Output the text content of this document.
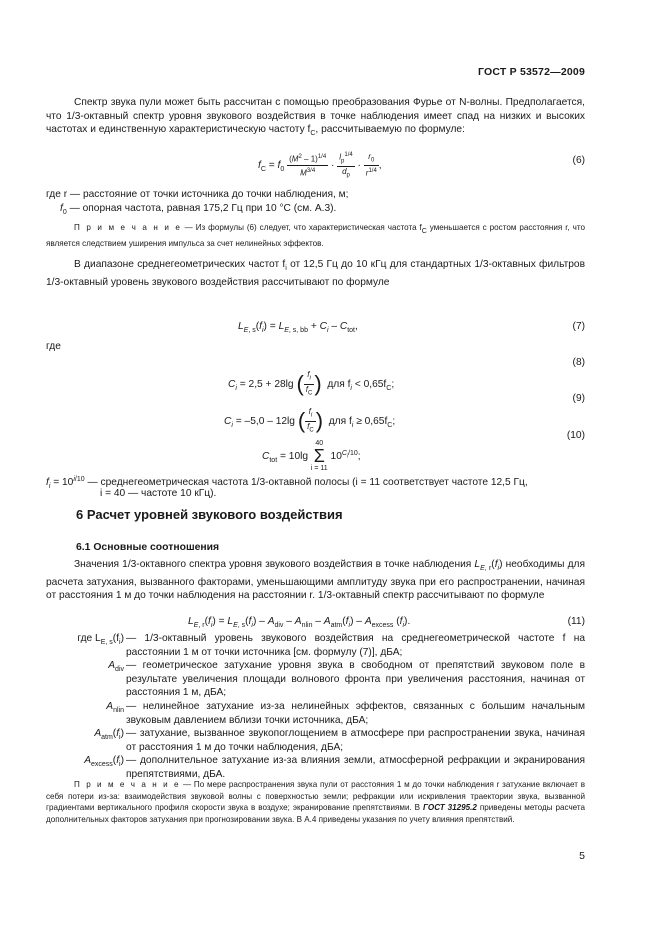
ГОСТ Р 53572—2009
Спектр звука пули может быть рассчитан с помощью преобразования Фурье от N-волны. Предполагается, что 1/3-октавный спектр уровня звукового воздействия в точке наблюдения имеет спад на низких и высоких частотах и единственную характеристическую частоту $f_C$, рассчитываемую по формуле:
$f_C = f_0 \frac{(M^2 - 1)^{1/4}}{M^{3/4}} \cdot \frac{l_p^{1/4}}{d_p} \cdot \frac{r_0}{r^{1/4}}$ ,	(6)
где r — расстояние от точки источника до точки наблюдения, м;
$f_0$ — опорная частота, равная 175,2 Гц при 10 °С (см. А.3).
П р и м е ч а н и е — Из формулы (6) следует, что характеристическая частота fC уменьшается с ростом расстояния r, что является следствием уширения импульса за счет нелинейных эффектов.
В диапазоне среднегеометрических частот $f_i$ от 12,5 Гц до 10 кГц для стандартных 1/3-октавных фильтров 1/3-октавный уровень звукового воздействия рассчитывают по формуле
$L_{E, s}(f_i) = L_{E, s, bb} + C_i - C_{tot}$,	(7)
где
$C_i = 2,5 + 28\lg$ ( $\frac{f_i}{f_C}$ ) для $f_i < 0,65f_C$;
(8)
$C_i = -5,0 - 12\lg$ ( $\frac{f_i}{f_C}$ ) для $f_i \ge 0,65f_C$;
(9)
$C_{tot} = 10\lg$ 40
Σ
i = 11 $10^{C_i/10}$;
(10)
$f_i = 10^{i/10}$ — среднегеометрическая частота 1/3-октавной полосы (i = 11 соответствует частоте 12,5 Гц,
i = 40 — частоте 10 кГц).
6 Расчет уровней звукового воздействия
6.1 Основные соотношения
Значения 1/3-октавного спектра уровня звукового воздействия в точке наблюдения $L_{E, r}(f_i)$ необходимы для расчета затухания, вызванного факторами, уменьшающими амплитуду звука при его распространении, начиная от расстояния 1 м до точки наблюдения на расстоянии r. 1/3-октавный спектр рассчитывают по формуле
$L_{E, r}(f_i) = L_{E, s}(f_i) - A_{div} - A_{nlin} - A_{atm}(f_i) - A_{excess}$ $(f_i)$.	(11)
где $L_{E, s}(f_i)$ — 1/3-октавный уровень звукового воздействия на среднегеометрической частоте f на расстоянии 1 м от точки источника [см. формулу (7)], дБА;
$A_{div}$ — геометрическое затухание уровня звука в свободном от препятствий звуковом поле в результате увеличения площади волнового фронта при увеличения расстояния, начиная от расстояния 1 м, дБА;
$A_{nlin}$ — нелинейное затухание из-за нелинейных эффектов, связанных с большим начальным звуковым давлением вблизи точки источника, дБА;
$A_{atm}(f_i)$ — затухание, вызванное звукопоглощением в атмосфере при распространении звука, начиная от расстояния 1 м до точки наблюдения, дБА;
$A_{excess}(f_i)$ — дополнительное затухание из-за влияния земли, атмосферной рефракции и экранирования препятствиями, дБА.
П р и м е ч а н и е — По мере распространения звука пули от расстояния 1 м до точки наблюдения r затухание включает в себя потери из-за: взаимодействия звуковой волны с поверхностью земли; рефракции или искривления траектории звука, вызванной градиентами вертикального профиля скорости звука в воздухе; экранирование препятствиями. В ГОСТ 31295.2 приведены методы расчета дополнительных факторов затухания при прогнозировании звука. В А.4 приведены указания по учету влияния препятствий.
5
